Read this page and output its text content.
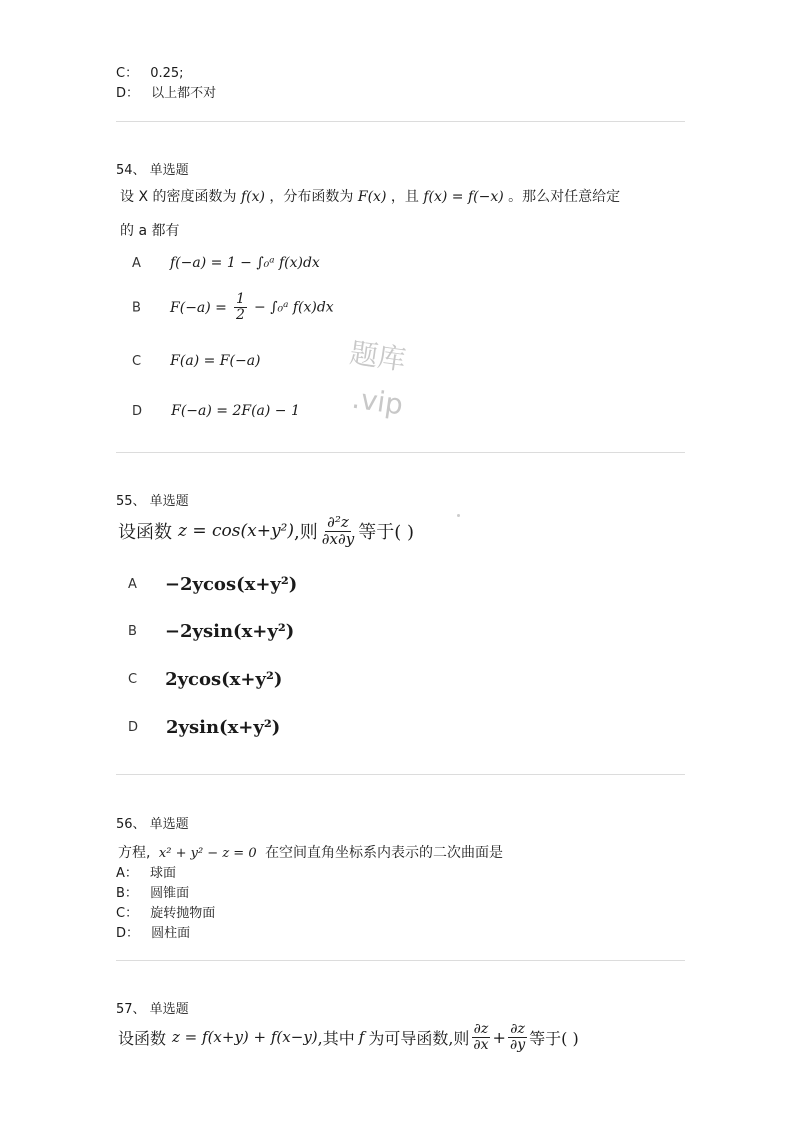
C： 0.25;
D： 以上都不对
54、 单选题
设 X 的密度函数为 f(x) ，分布函数为 F(x) ，且 f(x) = f(−x) 。那么对任意给定
的 a 都有
A f(−a) = 1 − ∫₀ᵃ f(x)dx
B $F(-a) = \frac{1}{2}$ − ∫₀ᵃ f(x)dx
C F(a) = F(−a)
D F(−a) = 2F(a) − 1
题库
.vip
55、 单选题
设函数 z = cos(x+y²) ,则 $\frac{\text{∂²z}}{\partial x\partial y}$ 等于( )
A −2ycos(x+y²)
B −2ysin(x+y²)
C 2ycos(x+y²)
D 2ysin(x+y²)
56、 单选题
方程, x² + y² − z = 0 在空间直角坐标系内表示的二次曲面是
A： 球面
B： 圆锥面
C： 旋转抛物面
D： 圆柱面
57、 单选题
设函数 z = f(x+y) + f(x−y) ,其中 f 为可导函数,则 $\frac{\partial z}{\partial x} + \frac{\partial z}{\partial y}$ 等于( )
